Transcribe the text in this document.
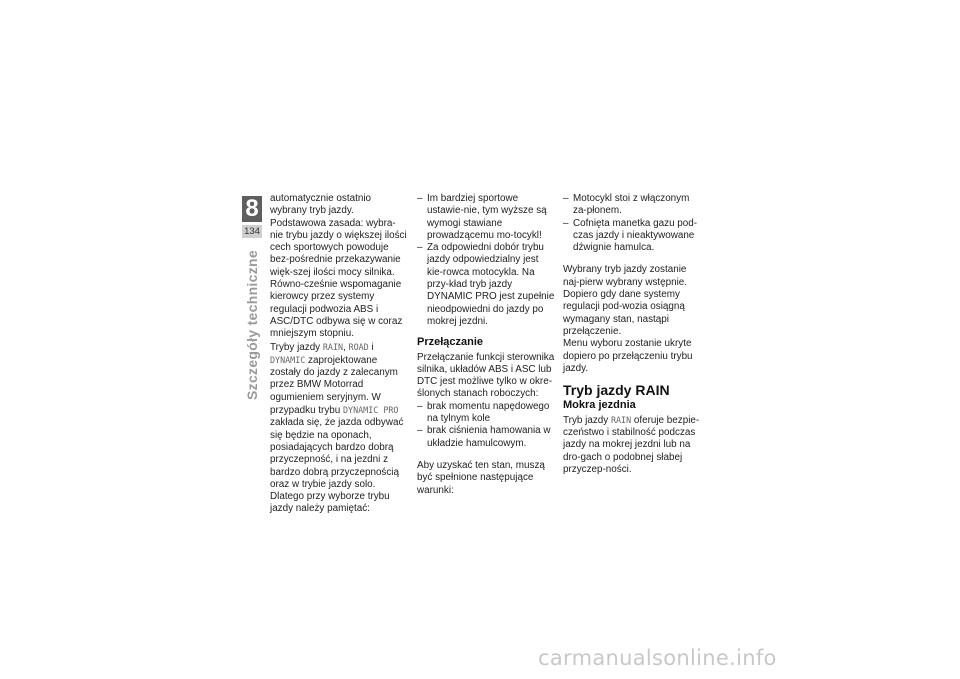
8
134
Szczegóły techniczne

automatycznie ostatnio wybrany tryb jazdy.

Podstawowa zasada: wybra-nie trybu jazdy o większej ilości cech sportowych powoduje bez-pośrednie przekazywanie więk-szej ilości mocy silnika. Równo-cześnie wspomaganie kierowcy przez systemy regulacji podwozia ABS i ASC/DTC odbywa się w coraz mniejszym stopniu.

Tryby jazdy RAIN, ROAD i DYNAMIC zaprojektowane zostały do jazdy z zalecanym przez BMW Motorrad ogumieniem seryjnym. W przypadku trybu DYNAMIC PRO zakłada się, że jazda odbywać się będzie na oponach, posiadających bardzo dobrą przyczepność, i na jezdni z bardzo dobrą przyczepnością oraz w trybie jazdy solo.

Dlatego przy wyborze trybu jazdy należy pamiętać:

– Im bardziej sportowe ustawie-nie, tym wyższe są wymogi stawiane prowadzącemu mo-tocykl!
– Za odpowiedni dobór trybu jazdy odpowiedzialny jest kie-rowca motocykla. Na przy-kład tryb jazdy DYNAMIC PRO jest zupełnie nieodpowiedni do jazdy po mokrej jezdni.
Przełączanie

Przełączanie funkcji sterownika silnika, układów ABS i ASC lub DTC jest możliwe tylko w okre-ślonych stanach roboczych:

– brak momentu napędowego na tylnym kole
– brak ciśnienia hamowania w układzie hamulcowym.

Aby uzyskać ten stan, muszą być spełnione następujące warunki:

– Motocykl stoi z włączonym za-płonem.
– Cofnięta manetka gazu pod-czas jazdy i nieaktywowane dźwignie hamulca.

Wybrany tryb jazdy zostanie naj-pierw wybrany wstępnie. Dopiero gdy dane systemy regulacji pod-wozia osiągną wymagany stan, nastąpi przełączenie.

Menu wyboru zostanie ukryte dopiero po przełączeniu trybu jazdy.

Tryb jazdy RAIN
Mokra jezdnia

Tryb jazdy RAIN oferuje bezpie-czeństwo i stabilność podczas jazdy na mokrej jezdni lub na dro-gach o podobnej słabej przyczep-ności.

carmanualsonline.info
